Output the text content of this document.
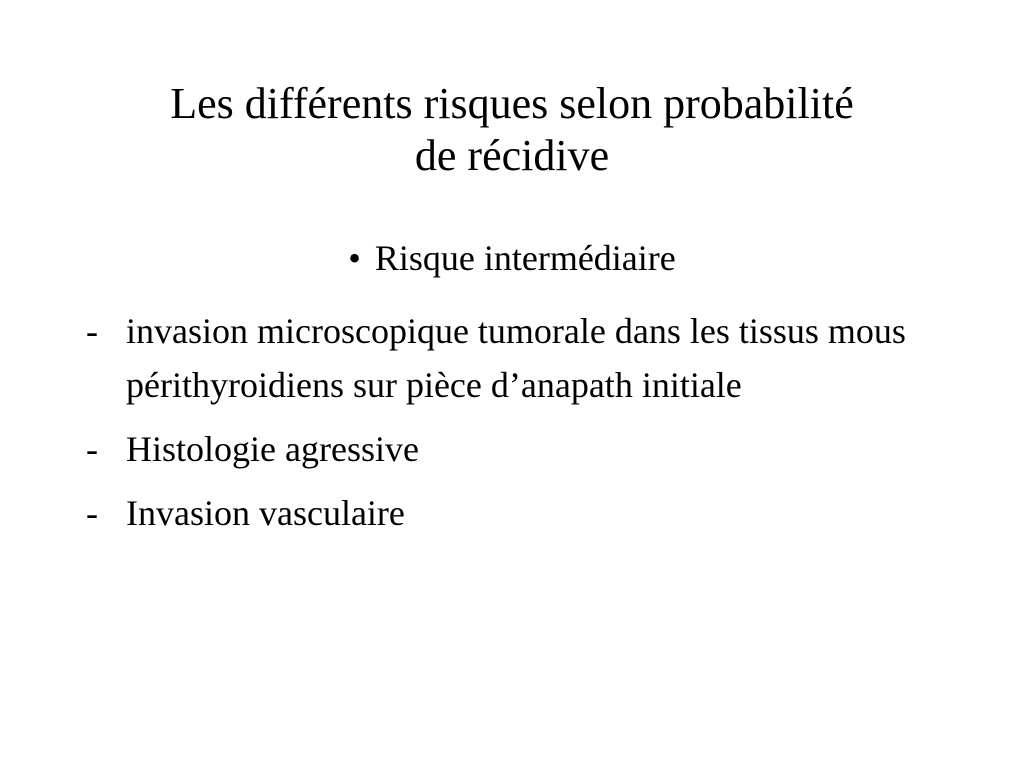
Les différents risques selon probabilité
de récidive
• Risque intermédiaire
- invasion microscopique tumorale dans les tissus mous périthyroidiens sur pièce d’anapath initiale
- Histologie agressive
- Invasion vasculaire
